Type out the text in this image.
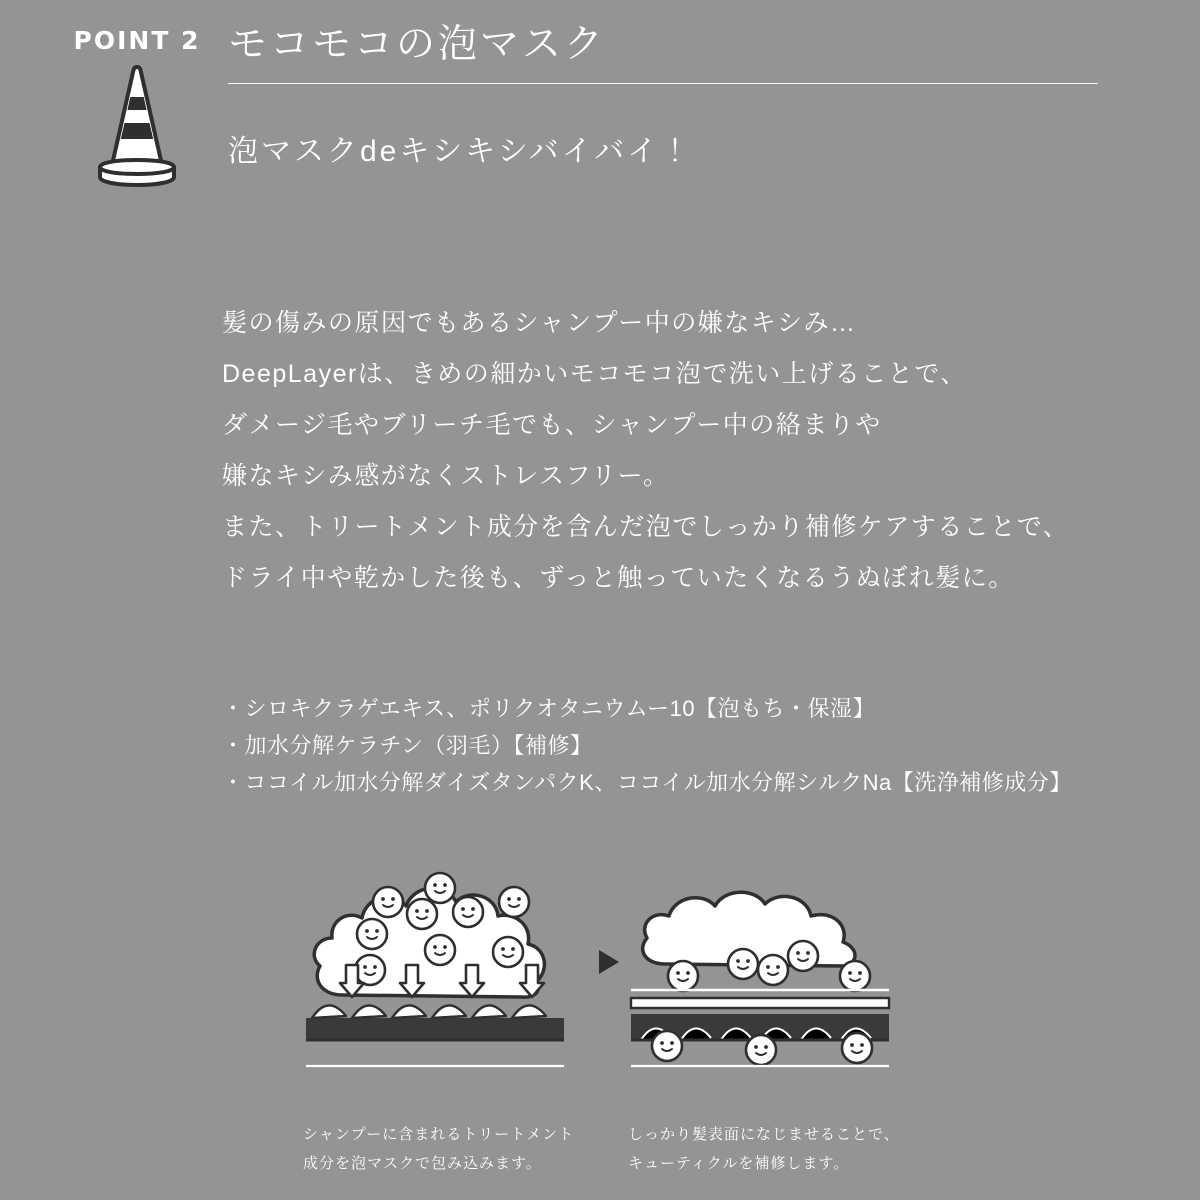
POINT 2 モコモコの泡マスク
泡マスクdeキシキシバイバイ！

髪の傷みの原因でもあるシャンプー中の嫌なキシみ…

DeepLayerは、きめの細かいモコモコ泡で洗い上げることで、

ダメージ毛やブリーチ毛でも、シャンプー中の絡まりや

嫌なキシみ感がなくストレスフリー。

また、トリートメント成分を含んだ泡でしっかり補修ケアすることで、

ドライ中や乾かした後も、ずっと触っていたくなるうぬぼれ髪に。

・シロキクラゲエキス、ポリクオタニウムー10【泡もち・保湿】
・加水分解ケラチン（羽毛）【補修】
・ココイル加水分解ダイズタンパクK、ココイル加水分解シルクNa【洗浄補修成分】
シャンプーに含まれるトリートメント
成分を泡マスクで包み込みます。
しっかり髪表面になじませることで、
キューティクルを補修します。
